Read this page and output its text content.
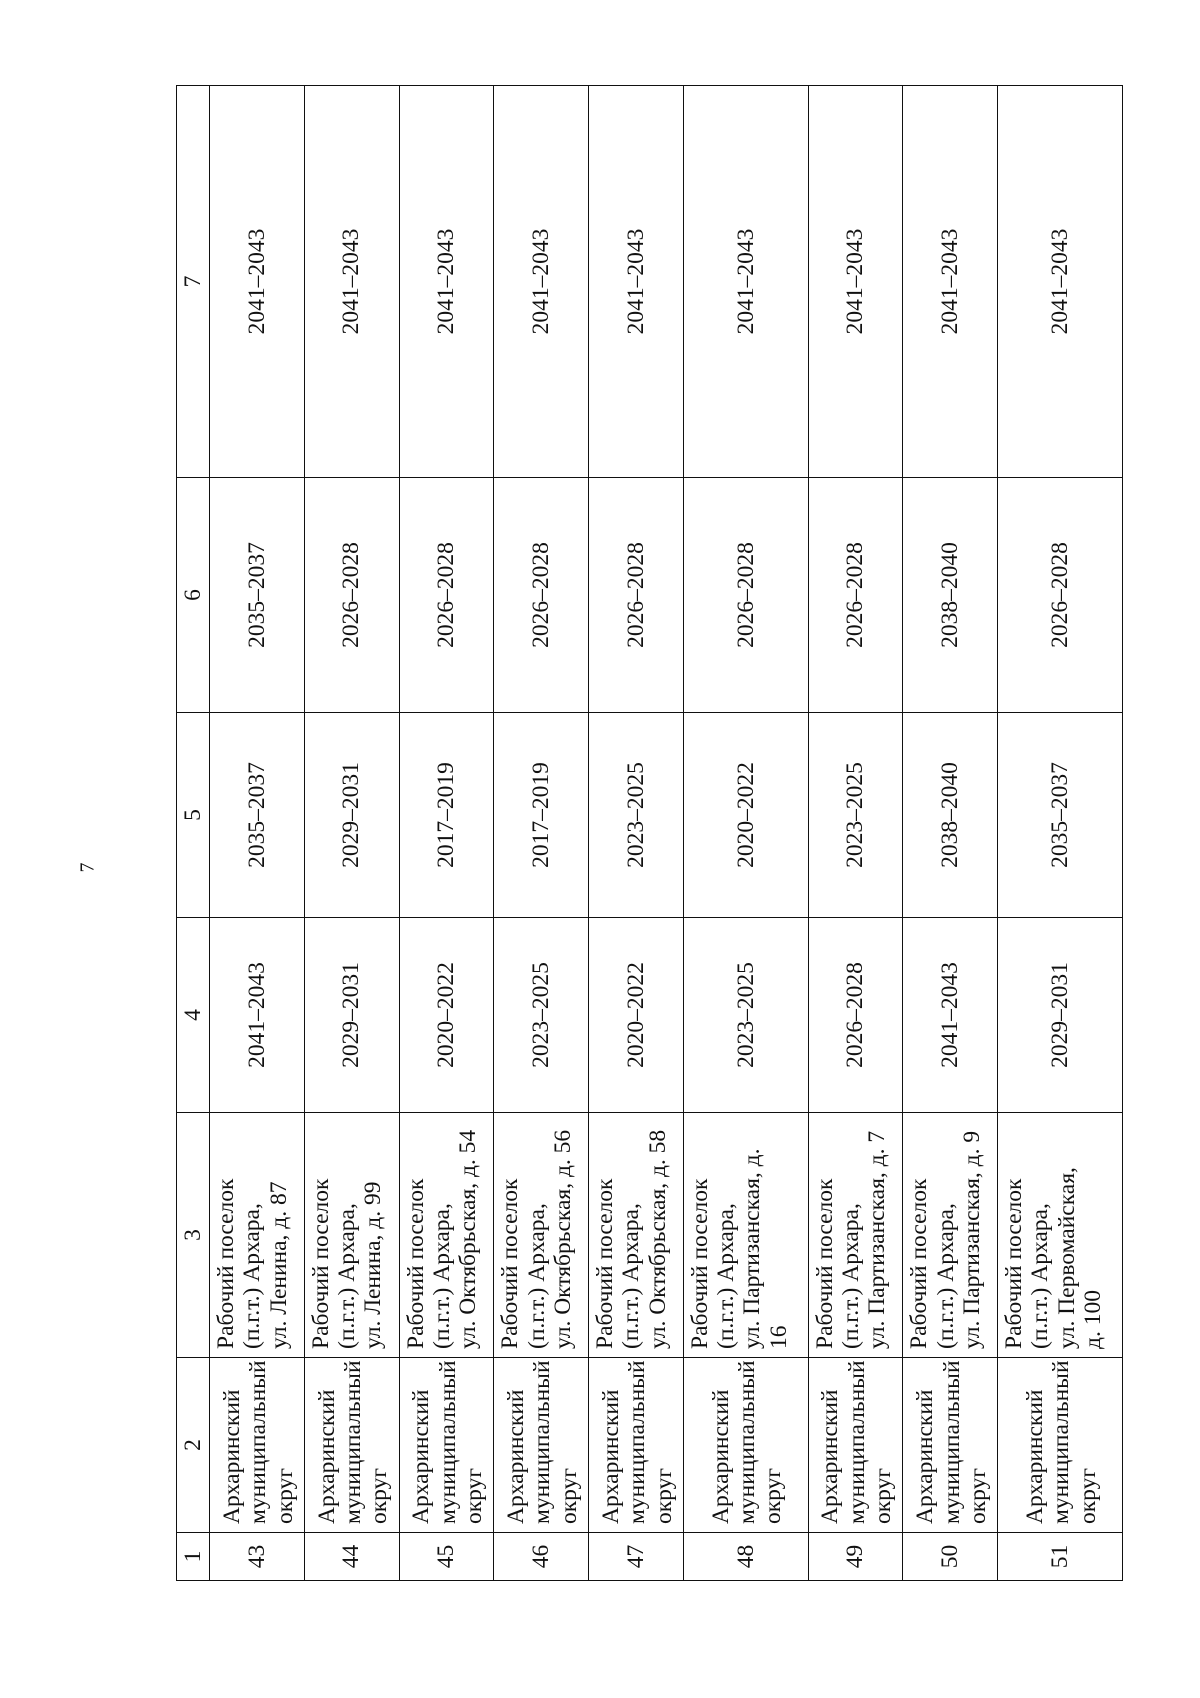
7
1	2	3	4	5	6	7
43	Архаринский
муниципальный
округ	Рабочий поселок
(п.г.т.) Архара,
ул. Ленина, д. 87	2041–2043	2035–2037	2035–2037	2041–2043
44	Архаринский
муниципальный
округ	Рабочий поселок
(п.г.т.) Архара,
ул. Ленина, д. 99	2029–2031	2029–2031	2026–2028	2041–2043
45	Архаринский
муниципальный
округ	Рабочий поселок
(п.г.т.) Архара,
ул. Октябрьская, д. 54	2020–2022	2017–2019	2026–2028	2041–2043
46	Архаринский
муниципальный
округ	Рабочий поселок
(п.г.т.) Архара,
ул. Октябрьская, д. 56	2023–2025	2017–2019	2026–2028	2041–2043
47	Архаринский
муниципальный
округ	Рабочий поселок
(п.г.т.) Архара,
ул. Октябрьская, д. 58	2020–2022	2023–2025	2026–2028	2041–2043
48	Архаринский
муниципальный
округ	Рабочий поселок
(п.г.т.) Архара,
ул. Партизанская, д. 16	2023–2025	2020–2022	2026–2028	2041–2043
49	Архаринский
муниципальный
округ	Рабочий поселок
(п.г.т.) Архара,
ул. Партизанская, д. 7	2026–2028	2023–2025	2026–2028	2041–2043
50	Архаринский
муниципальный
округ	Рабочий поселок
(п.г.т.) Архара,
ул. Партизанская, д. 9	2041–2043	2038–2040	2038–2040	2041–2043
51	Архаринский
муниципальный
округ	Рабочий поселок
(п.г.т.) Архара,
ул. Первомайская,
д. 100	2029–2031	2035–2037	2026–2028	2041–2043
